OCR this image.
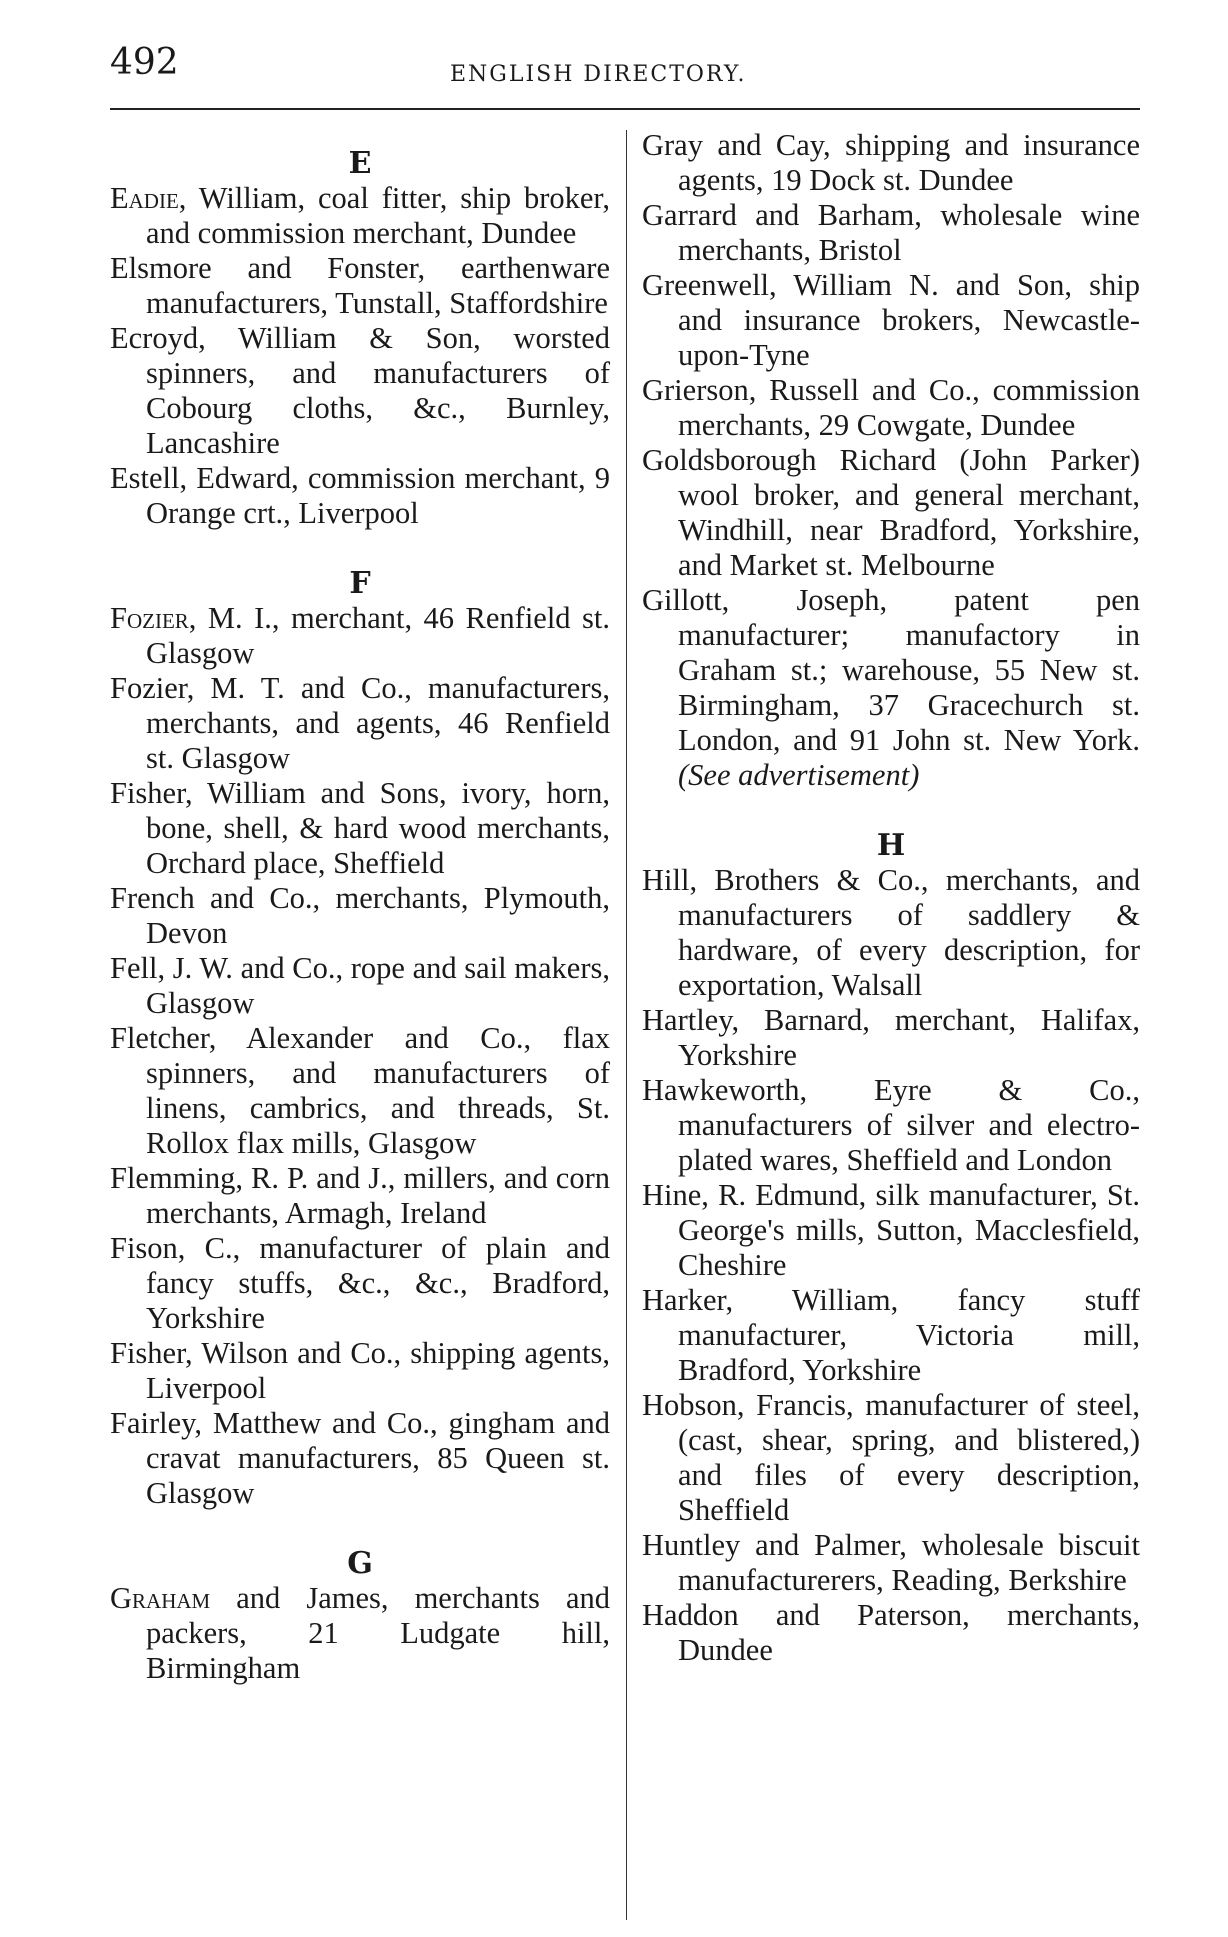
492	ENGLISH DIRECTORY.
E
Eadie, William, coal fitter, ship broker, and commission merchant, Dundee
Elsmore and Fonster, earthenware manufacturers, Tunstall, Staffordshire
Ecroyd, William & Son, worsted spinners, and manufacturers of Cobourg cloths, &c., Burnley, Lancashire
Estell, Edward, commission merchant, 9 Orange crt., Liverpool
F
Fozier, M. I., merchant, 46 Renfield st. Glasgow
Fozier, M. T. and Co., manufacturers, merchants, and agents, 46 Renfield st. Glasgow
Fisher, William and Sons, ivory, horn, bone, shell, & hard wood merchants, Orchard place, Sheffield
French and Co., merchants, Plymouth, Devon
Fell, J. W. and Co., rope and sail makers, Glasgow
Fletcher, Alexander and Co., flax spinners, and manufacturers of linens, cambrics, and threads, St. Rollox flax mills, Glasgow
Flemming, R. P. and J., millers, and corn merchants, Armagh, Ireland
Fison, C., manufacturer of plain and fancy stuffs, &c., &c., Bradford, Yorkshire
Fisher, Wilson and Co., shipping agents, Liverpool
Fairley, Matthew and Co., gingham and cravat manufacturers, 85 Queen st. Glasgow
G
Graham and James, merchants and packers, 21 Ludgate hill, Birmingham
Gray and Cay, shipping and insurance agents, 19 Dock st. Dundee
Garrard and Barham, wholesale wine merchants, Bristol
Greenwell, William N. and Son, ship and insurance brokers, Newcastle-upon-Tyne
Grierson, Russell and Co., commission merchants, 29 Cowgate, Dundee
Goldsborough Richard (John Parker) wool broker, and general merchant, Windhill, near Bradford, Yorkshire, and Market st. Melbourne
Gillott, Joseph, patent pen manufacturer; manufactory in Graham st.; warehouse, 55 New st. Birmingham, 37 Gracechurch st. London, and 91 John st. New York. (See advertisement)
H
Hill, Brothers & Co., merchants, and manufacturers of saddlery & hardware, of every description, for exportation, Walsall
Hartley, Barnard, merchant, Halifax, Yorkshire
Hawkeworth, Eyre & Co., manufacturers of silver and electro-plated wares, Sheffield and London
Hine, R. Edmund, silk manufacturer, St. George's mills, Sutton, Macclesfield, Cheshire
Harker, William, fancy stuff manufacturer, Victoria mill, Bradford, Yorkshire
Hobson, Francis, manufacturer of steel, (cast, shear, spring, and blistered,) and files of every description, Sheffield
Huntley and Palmer, wholesale biscuit manufacturerers, Reading, Berkshire
Haddon and Paterson, merchants, Dundee
